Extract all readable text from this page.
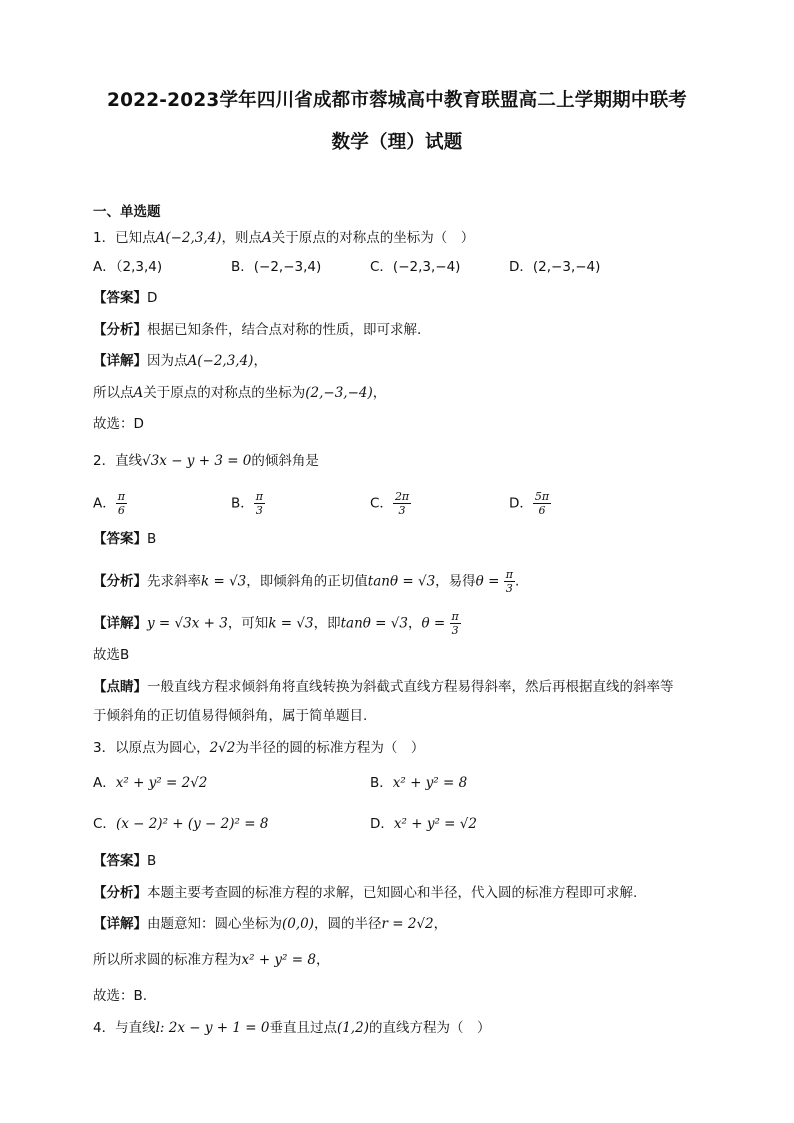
2022-2023学年四川省成都市蓉城高中教育联盟高二上学期期中联考
数学（理）试题
一、单选题
1．已知点A(−2,3,4)，则点A关于原点的对称点的坐标为（　）
A．（2,3,4)	B．(−2,−3,4)	C．(−2,3,−4)	D．(2,−3,−4)
【答案】D
【分析】根据已知条件，结合点对称的性质，即可求解.
【详解】因为点A(−2,3,4)，
所以点A关于原点的对称点的坐标为(2,−3,−4)，
故选：D
2．直线√3x − y + 3 = 0的倾斜角是
A． $\frac{\pi}{6}$	B． $\frac{\pi}{3}$	C． $\frac{2\pi}{3}$	D． $\frac{5\pi}{6}$
【答案】B
【分析】先求斜率k = √3，即倾斜角的正切值tanθ = √3，易得$\theta = \frac{\pi}{3}$ .
【详解】y = √3x + 3，可知k = √3，即tanθ = √3，$\theta = \frac{\pi}{3}$
故选B
【点睛】一般直线方程求倾斜角将直线转换为斜截式直线方程易得斜率，然后再根据直线的斜率等
于倾斜角的正切值易得倾斜角，属于简单题目.
3．以原点为圆心，2√2为半径的圆的标准方程为（　）
A．x² + y² = 2√2	B．x² + y² = 8
C．(x − 2)² + (y − 2)² = 8	D．x² + y² = √2
【答案】B
【分析】本题主要考查圆的标准方程的求解，已知圆心和半径，代入圆的标准方程即可求解.
【详解】由题意知：圆心坐标为(0,0)，圆的半径r = 2√2，
所以所求圆的标准方程为x² + y² = 8，
故选：B.
4．与直线l: 2x − y + 1 = 0垂直且过点(1,2)的直线方程为（　）
